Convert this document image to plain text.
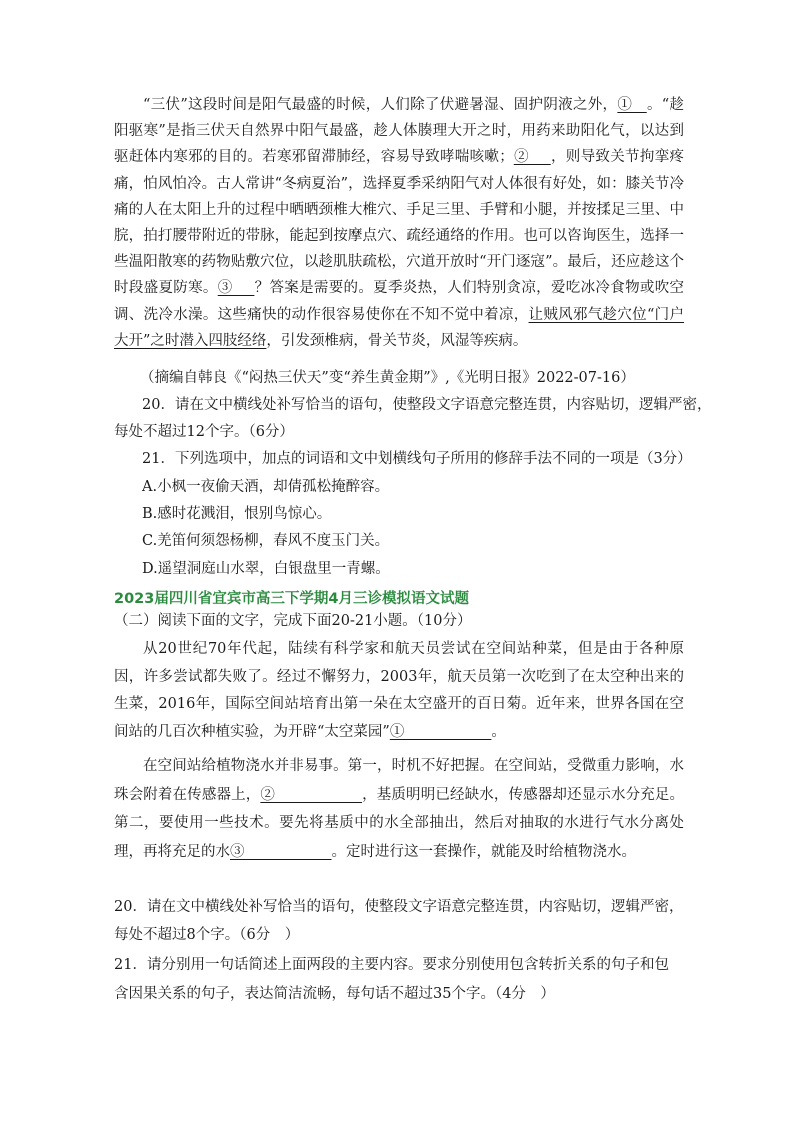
“三伏”这段时间是阳气最盛的时候，人们除了伏避暑湿、固护阴液之外，①__。“趁阳驱寒”是指三伏天自然界中阳气最盛，趁人体腠理大开之时，用药来助阳化气，以达到驱赶体内寒邪的目的。若寒邪留滞肺经，容易导致哮喘咳嗽；②___，则导致关节拘挛疼痛，怕风怕冷。古人常讲“冬病夏治”，选择夏季采纳阳气对人体很有好处，如：膝关节冷痛的人在太阳上升的过程中晒晒颈椎大椎穴、手足三里、手臂和小腿，并按揉足三里、中脘，拍打腰带附近的带脉，能起到按摩点穴、疏经通络的作用。也可以咨询医生，选择一些温阳散寒的药物贴敷穴位，以趁肌肤疏松，穴道开放时“开门逐寇”。最后，还应趁这个时段盛夏防寒。③___？答案是需要的。夏季炎热，人们特别贪凉，爱吃冰冷食物或吹空调、洗冷水澡。这些痛快的动作很容易使你在不知不觉中着凉，让贼风邪气趁穴位“门户大开”之时潜入四肢经络，引发颈椎病，骨关节炎，风湿等疾病。

（摘编自韩良《“闷热三伏天”变“养生黄金期”》,《光明日报》2022-07-16）

20．请在文中横线处补写恰当的语句，使整段文字语意完整连贯，内容贴切，逻辑严密，

每处不超过12个字。（6分）

21．下列选项中，加点的词语和文中划横线句子所用的修辞手法不同的一项是（3分）

A.小枫一夜偷天酒，却倩孤松掩醉容。

B.感时花溅泪，恨别鸟惊心。

C.羌笛何须怨杨柳，春风不度玉门关。

D.遥望洞庭山水翠，白银盘里一青螺。

2023届四川省宜宾市高三下学期4月三诊模拟语文试题

（二）阅读下面的文字，完成下面20-21小题。（10分）

从20世纪70年代起，陆续有科学家和航天员尝试在空间站种菜，但是由于各种原因，许多尝试都失败了。经过不懈努力，2003年，航天员第一次吃到了在太空种出来的生菜，2016年，国际空间站培育出第一朵在太空盛开的百日菊。近年来，世界各国在空间站的几百次种植实验，为开辟“太空菜园”①____________。

在空间站给植物浇水并非易事。第一，时机不好把握。在空间站，受微重力影响，水珠会附着在传感器上，②____________，基质明明已经缺水，传感器却还显示水分充足。第二，要使用一些技术。要先将基质中的水全部抽出，然后对抽取的水进行气水分离处理，再将充足的水③____________。定时进行这一套操作，就能及时给植物浇水。

20．请在文中横线处补写恰当的语句，使整段文字语意完整连贯，内容贴切，逻辑严密，

每处不超过8个字。（6分　）

21．请分别用一句话简述上面两段的主要内容。要求分别使用包含转折关系的句子和包

含因果关系的句子，表达简洁流畅，每句话不超过35个字。（4分　）
